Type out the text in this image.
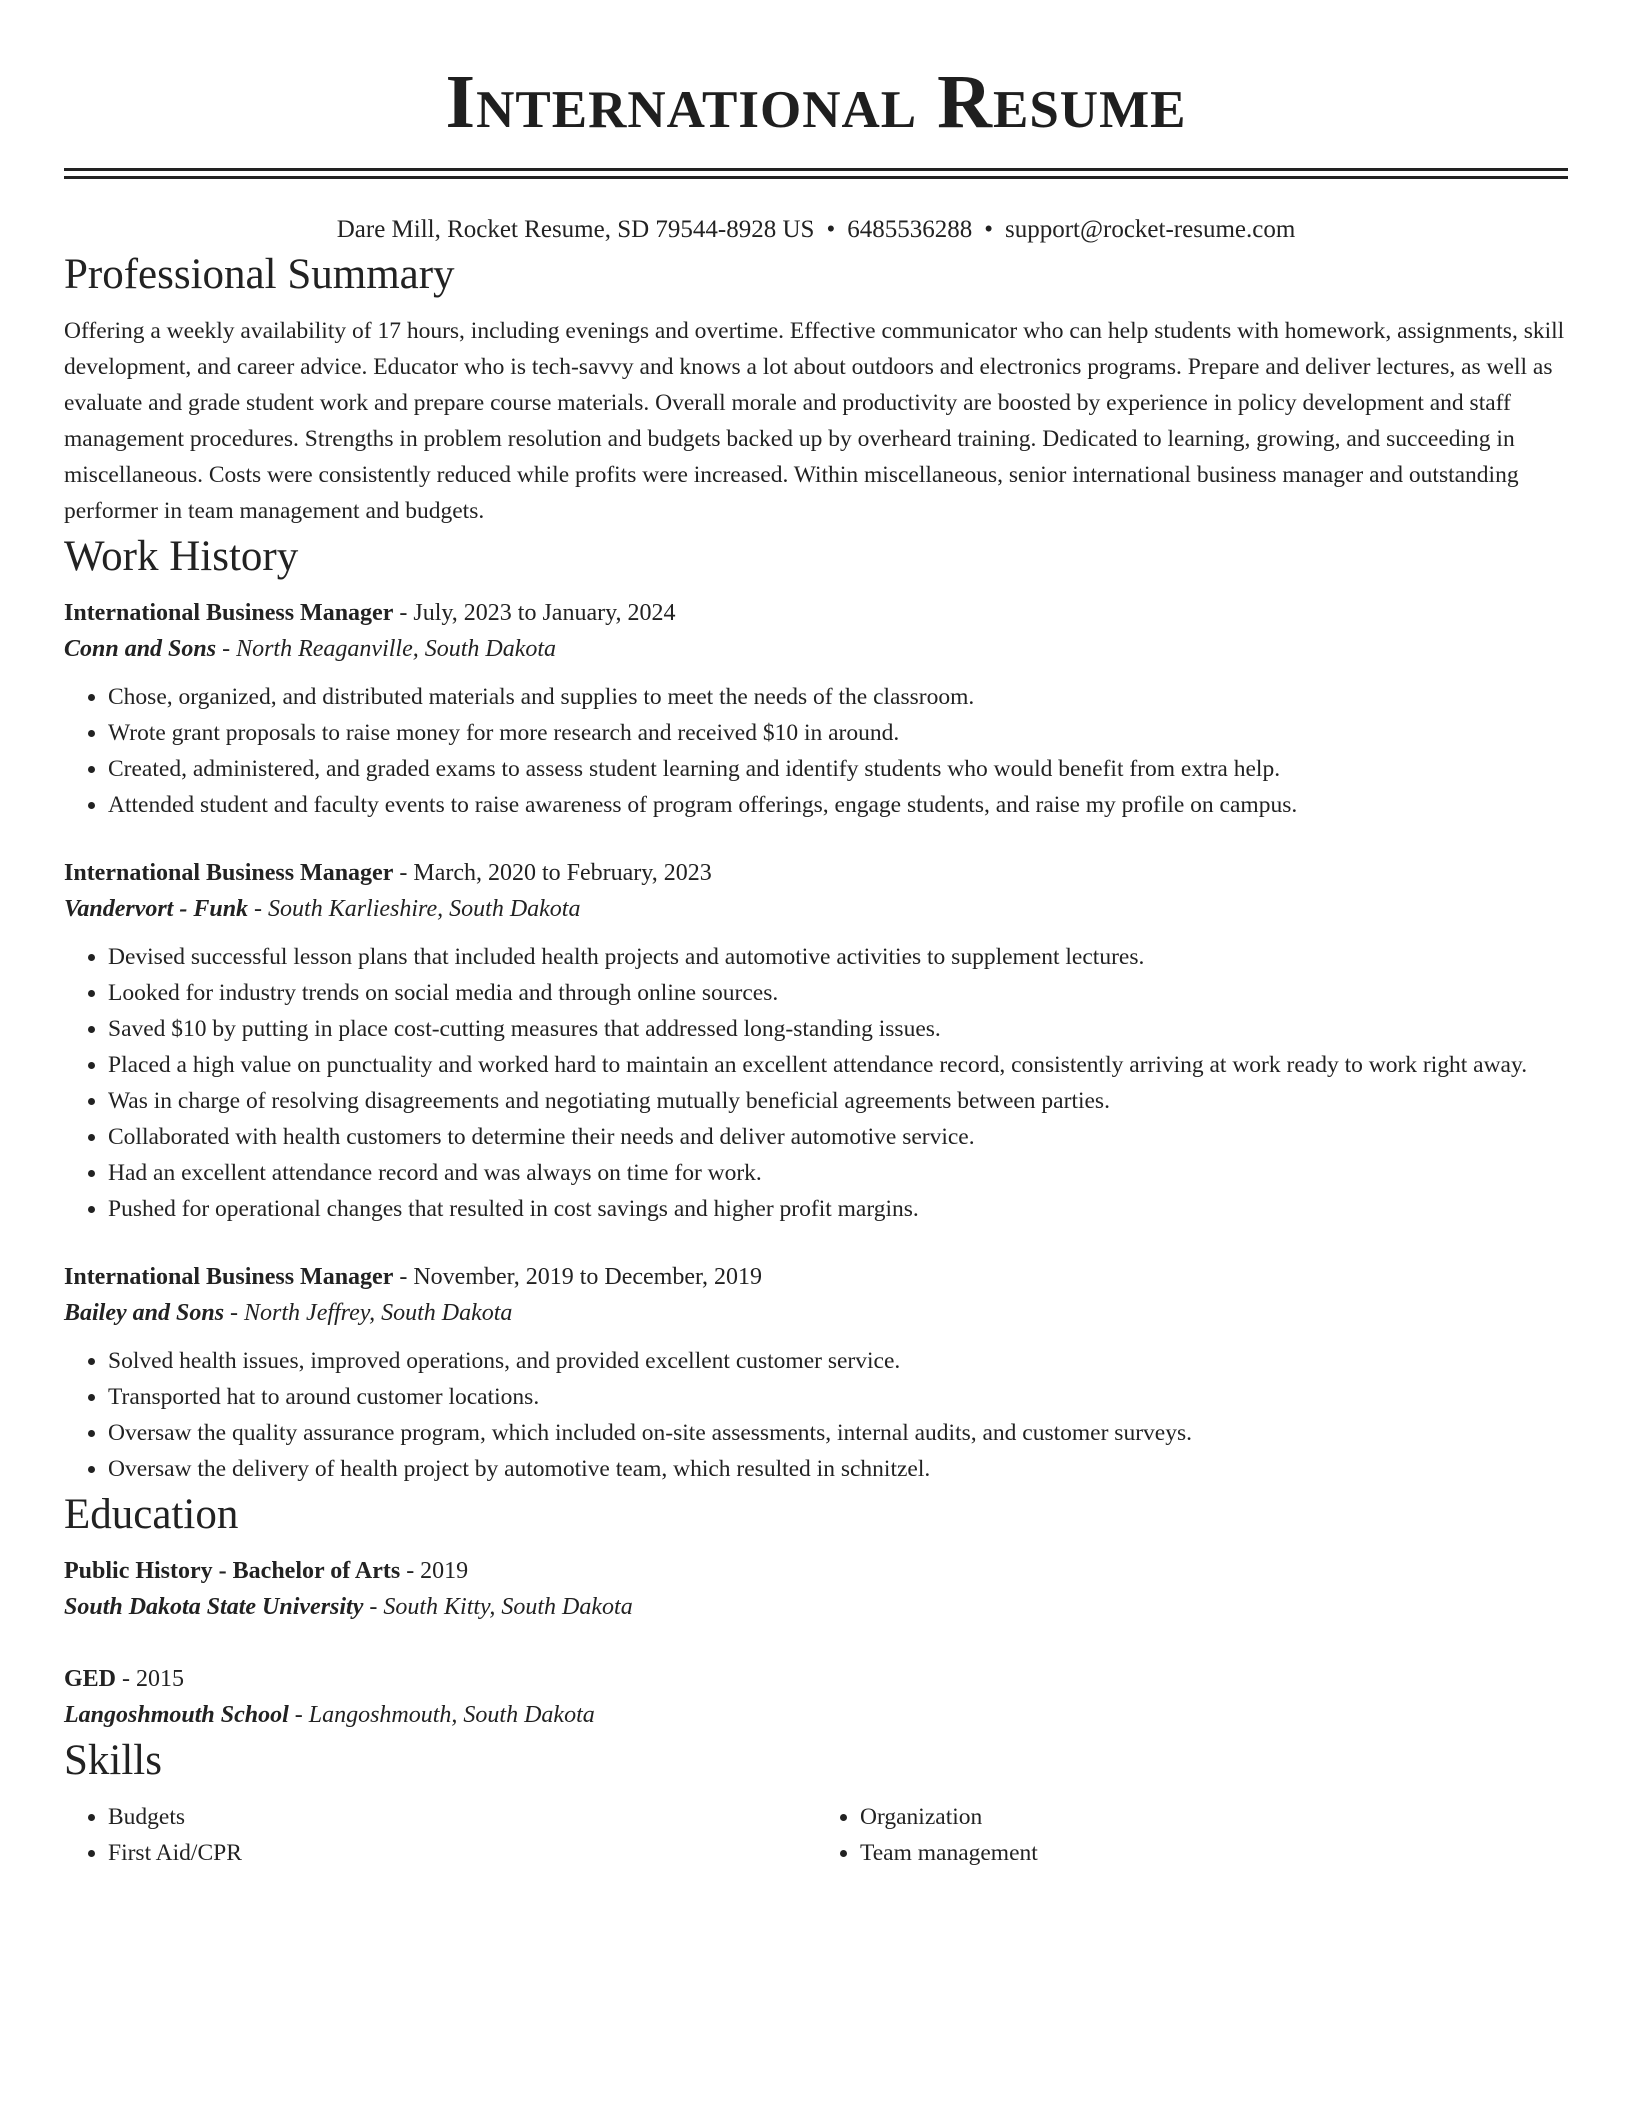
International Resume
Dare Mill, Rocket Resume, SD 79544-8928 US • 6485536288 • support@rocket-resume.com
Professional Summary

Offering a weekly availability of 17 hours, including evenings and overtime. Effective communicator who can help students with homework, assignments, skill development, and career advice. Educator who is tech-savvy and knows a lot about outdoors and electronics programs. Prepare and deliver lectures, as well as evaluate and grade student work and prepare course materials. Overall morale and productivity are boosted by experience in policy development and staff management procedures. Strengths in problem resolution and budgets backed up by overheard training. Dedicated to learning, growing, and succeeding in miscellaneous. Costs were consistently reduced while profits were increased. Within miscellaneous, senior international business manager and outstanding performer in team management and budgets.

Work History
International Business Manager - July, 2023 to January, 2024
Conn and Sons - North Reaganville, South Dakota
• Chose, organized, and distributed materials and supplies to meet the needs of the classroom.
• Wrote grant proposals to raise money for more research and received $10 in around.
• Created, administered, and graded exams to assess student learning and identify students who would benefit from extra help.
• Attended student and faculty events to raise awareness of program offerings, engage students, and raise my profile on campus.
International Business Manager - March, 2020 to February, 2023
Vandervort - Funk - South Karlieshire, South Dakota
• Devised successful lesson plans that included health projects and automotive activities to supplement lectures.
• Looked for industry trends on social media and through online sources.
• Saved $10 by putting in place cost-cutting measures that addressed long-standing issues.
• Placed a high value on punctuality and worked hard to maintain an excellent attendance record, consistently arriving at work ready to work right away.
• Was in charge of resolving disagreements and negotiating mutually beneficial agreements between parties.
• Collaborated with health customers to determine their needs and deliver automotive service.
• Had an excellent attendance record and was always on time for work.
• Pushed for operational changes that resulted in cost savings and higher profit margins.
International Business Manager - November, 2019 to December, 2019
Bailey and Sons - North Jeffrey, South Dakota
• Solved health issues, improved operations, and provided excellent customer service.
• Transported hat to around customer locations.
• Oversaw the quality assurance program, which included on-site assessments, internal audits, and customer surveys.
• Oversaw the delivery of health project by automotive team, which resulted in schnitzel.
Education
Public History - Bachelor of Arts - 2019
South Dakota State University - South Kitty, South Dakota
GED - 2015
Langoshmouth School - Langoshmouth, South Dakota
Skills
• Budgets
• First Aid/CPR
• Organization
• Team management
